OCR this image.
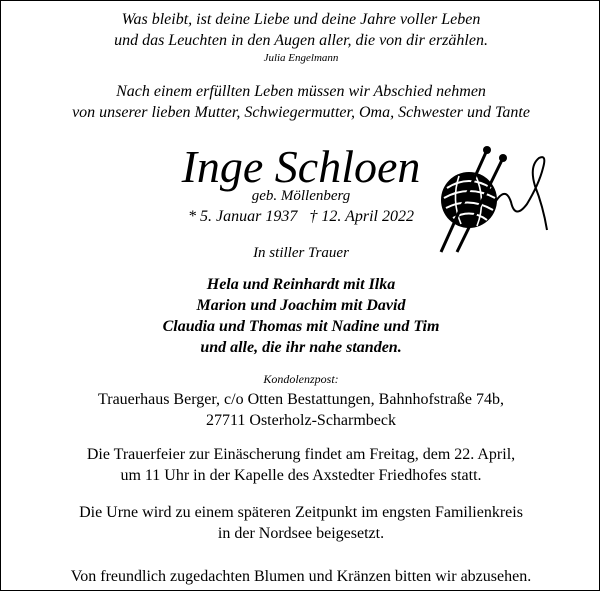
Was bleibt, ist deine Liebe und deine Jahre voller Leben
und das Leuchten in den Augen aller, die von dir erzählen.
Julia Engelmann
Nach einem erfüllten Leben müssen wir Abschied nehmen
von unserer lieben Mutter, Schwiegermutter, Oma, Schwester und Tante
Inge Schloen
geb. Möllenberg
* 5. Januar 1937   † 12. April 2022
In stiller Trauer
Hela und Reinhardt mit Ilka
Marion und Joachim mit David
Claudia und Thomas mit Nadine und Tim
und alle, die ihr nahe standen.
Kondolenzpost:
Trauerhaus Berger, c/o Otten Bestattungen, Bahnhofstraße 74b,
27711 Osterholz-Scharmbeck
Die Trauerfeier zur Einäscherung findet am Freitag, dem 22. April,
um 11 Uhr in der Kapelle des Axstedter Friedhofes statt.
Die Urne wird zu einem späteren Zeitpunkt im engsten Familienkreis
in der Nordsee beigesetzt.
Von freundlich zugedachten Blumen und Kränzen bitten wir abzusehen.
